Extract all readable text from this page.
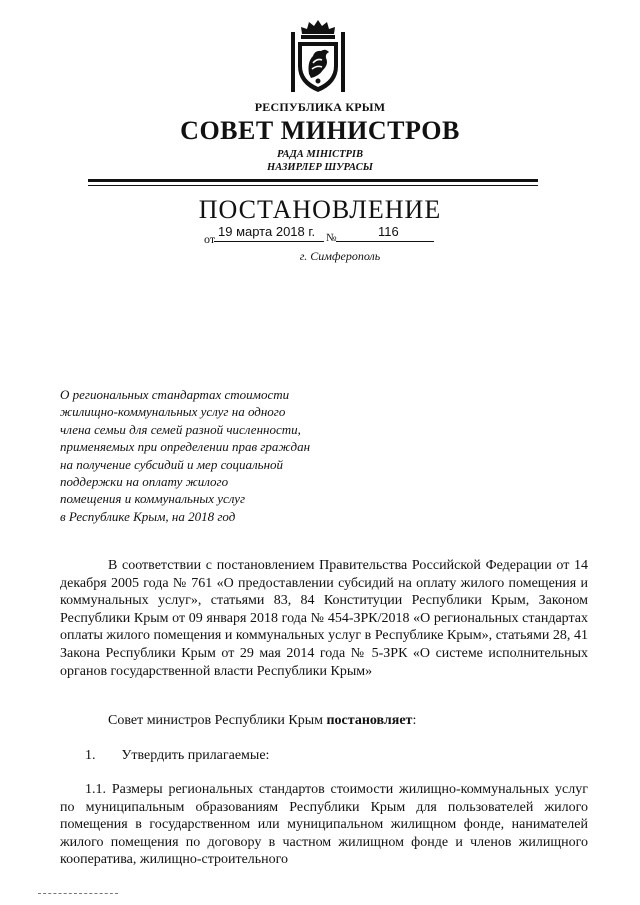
РЕСПУБЛИКА КРЫМ
СОВЕТ МИНИСТРОВ
РАДА МІНІСТРІВ
НАЗИРЛЕР ШУРАСЫ
ПОСТАНОВЛЕНИЕ
от 19 марта 2018 г. №	116
г. Симферополь
О региональных стандартах стоимости
жилищно-коммунальных услуг на одного
члена семьи для семей разной численности,
применяемых при определении прав граждан
на получение субсидий и мер социальной
поддержки на оплату жилого
помещения и коммунальных услуг
в Республике Крым, на 2018 год

В соответствии с постановлением Правительства Российской Федерации от 14 декабря 2005 года № 761 «О предоставлении субсидий на оплату жилого помещения и коммунальных услуг», статьями 83, 84 Конституции Республики Крым, Законом Республики Крым от 09 января 2018 года № 454-ЗРК/2018 «О региональных стандартах оплаты жилого помещения и коммунальных услуг в Республике Крым», статьями 28, 41 Закона Республики Крым от 29 мая 2014 года № 5-ЗРК «О системе исполнительных органов государственной власти Республики Крым»

Совет министров Республики Крым постановляет:
1. Утвердить прилагаемые:
1.1. Размеры региональных стандартов стоимости жилищно-коммунальных услуг по муниципальным образованиям Республики Крым для пользователей жилого помещения в государственном или муниципальном жилищном фонде, нанимателей жилого помещения по договору в частном жилищном фонде и членов жилищного кооператива, жилищно-строительного
